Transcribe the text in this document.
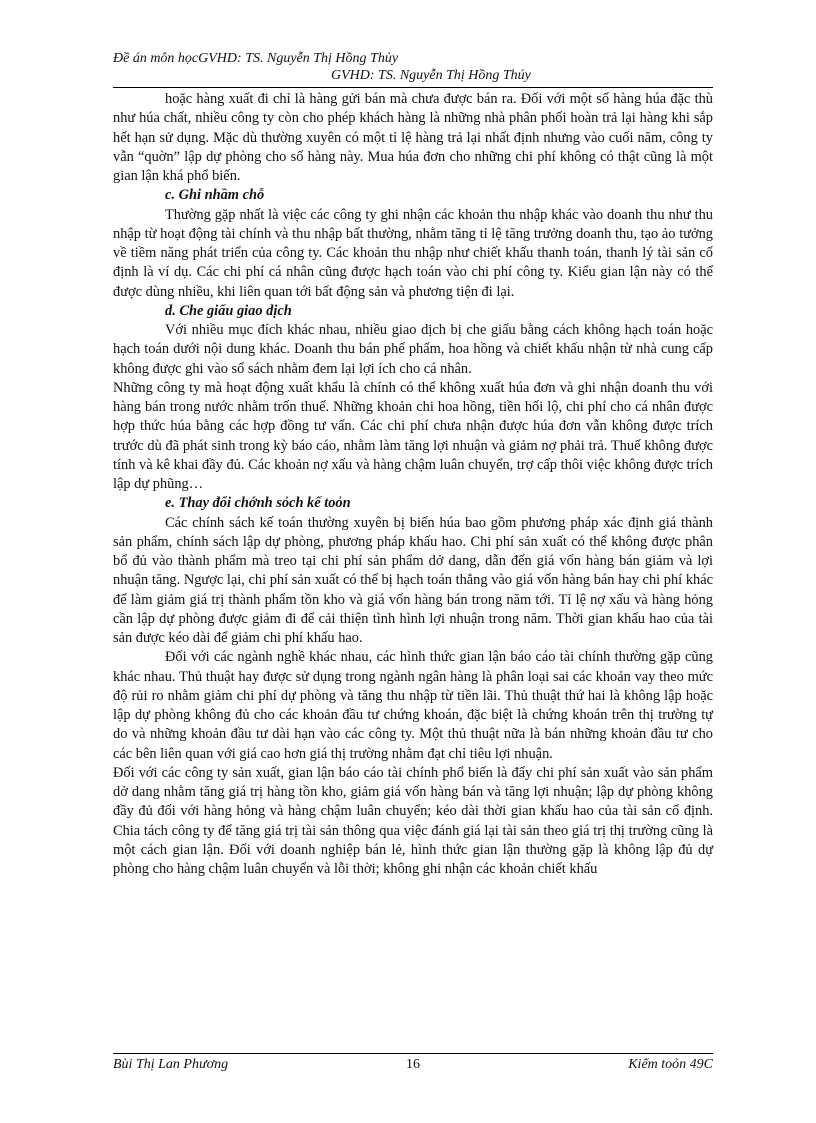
Đề án môn họcGVHD: TS. Nguyễn Thị Hồng Thủy
GVHD: TS. Nguyễn Thị Hồng Thúy

hoặc hàng xuất đi chỉ là hàng gửi bán mà chưa được bán ra. Đối với một số hàng húa đặc thù như húa chất, nhiều công ty còn cho phép khách hàng là những nhà phân phối hoàn trả lại hàng khi sắp hết hạn sử dụng. Mặc dù thường xuyên có một tỉ lệ hàng trả lại nhất định nhưng vào cuối năm, công ty vẫn “quờn” lập dự phòng cho số hàng này. Mua húa đơn cho những chi phí không có thật cũng là một gian lận khá phổ biến.

c. Ghi nhầm chỗ

Thường gặp nhất là việc các công ty ghi nhận các khoản thu nhập khác vào doanh thu như thu nhập từ hoạt động tài chính và thu nhập bất thường, nhằm tăng tỉ lệ tăng trưởng doanh thu, tạo ảo tưởng về tiềm năng phát triển của công ty. Các khoản thu nhập như chiết khấu thanh toán, thanh lý tài sản cố định là ví dụ. Các chi phí cá nhân cũng được hạch toán vào chi phí công ty. Kiểu gian lận này có thể được dùng nhiều, khi liên quan tới bất động sản và phương tiện đi lại.

d. Che giấu giao dịch

Với nhiều mục đích khác nhau, nhiều giao dịch bị che giấu bằng cách không hạch toán hoặc hạch toán dưới nội dung khác. Doanh thu bán phế phẩm, hoa hồng và chiết khấu nhận từ nhà cung cấp không được ghi vào sổ sách nhằm đem lại lợi ích cho cá nhân.

Những công ty mà hoạt động xuất khẩu là chính có thể không xuất húa đơn và ghi nhận doanh thu với hàng bán trong nước nhằm trốn thuế. Những khoản chi hoa hồng, tiền hối lộ, chi phí cho cá nhân được hợp thức húa bằng các hợp đồng tư vấn. Các chi phí chưa nhận được húa đơn vẫn không được trích trước dù đã phát sinh trong kỳ báo cáo, nhằm làm tăng lợi nhuận và giảm nợ phải trả. Thuế không được tính và kê khai đầy đủ. Các khoản nợ xấu và hàng chậm luân chuyển, trợ cấp thôi việc không được trích lập dự phũng…

e. Thay đổi chớnh sỏch kế toỏn

Các chính sách kế toán thường xuyên bị biến húa bao gồm phương pháp xác định giá thành sản phẩm, chính sách lập dự phòng, phương pháp khấu hao. Chi phí sản xuất có thể không được phân bổ đủ vào thành phẩm mà treo tại chi phí sản phẩm dở dang, dẫn đến giá vốn hàng bán giảm và lợi nhuận tăng. Ngược lại, chi phí sản xuất có thể bị hạch toán thẳng vào giá vốn hàng bán hay chi phí khác để làm giảm giá trị thành phẩm tồn kho và giá vốn hàng bán trong năm tới. Tỉ lệ nợ xấu và hàng hỏng cần lập dự phòng được giảm đi để cải thiện tình hình lợi nhuận trong năm. Thời gian khấu hao của tài sản được kéo dài để giảm chi phí khấu hao.

Đối với các ngành nghề khác nhau, các hình thức gian lận báo cáo tài chính thường gặp cũng khác nhau. Thủ thuật hay được sử dụng trong ngành ngân hàng là phân loại sai các khoản vay theo mức độ rủi ro nhằm giảm chi phí dự phòng và tăng thu nhập từ tiền lãi. Thủ thuật thứ hai là không lập hoặc lập dự phòng không đủ cho các khoản đầu tư chứng khoán, đặc biệt là chứng khoán trên thị trường tự do và những khoản đầu tư dài hạn vào các công ty. Một thủ thuật nữa là bán những khoản đầu tư cho các bên liên quan với giá cao hơn giá thị trường nhằm đạt chỉ tiêu lợi nhuận.

Đối với các công ty sản xuất, gian lận báo cáo tài chính phổ biến là đẩy chi phí sản xuất vào sản phẩm dở dang nhằm tăng giá trị hàng tồn kho, giảm giá vốn hàng bán và tăng lợi nhuận; lập dự phòng không đầy đủ đối với hàng hỏng và hàng chậm luân chuyển; kéo dài thời gian khấu hao của tài sản cố định. Chia tách công ty để tăng giá trị tài sản thông qua việc đánh giá lại tài sản theo giá trị thị trường cũng là một cách gian lận. Đối với doanh nghiệp bán lẻ, hình thức gian lận thường gặp là không lập đủ dự phòng cho hàng chậm luân chuyển và lỗi thời; không ghi nhận các khoản chiết khấu

Bùi Thị Lan Phương	16	Kiểm toỏn 49C
